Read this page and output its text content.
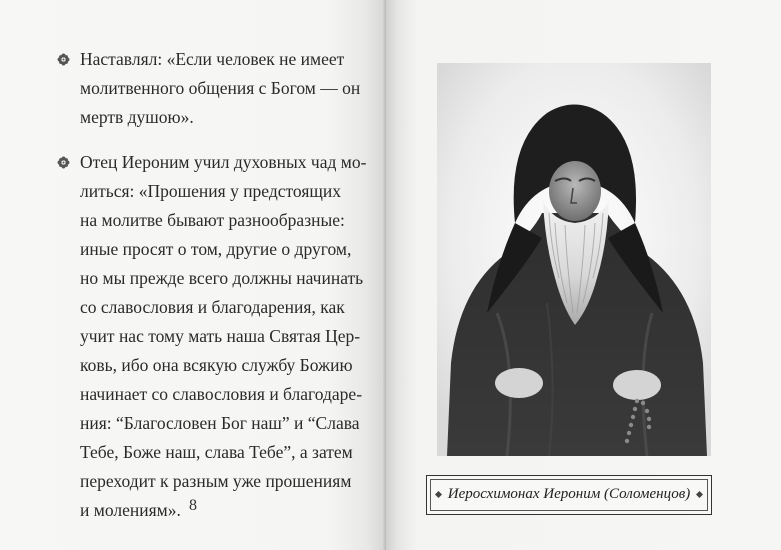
Наставлял: «Если человек не имеет
молитвенного общения с Богом — он
мертв душою».
Отец Иероним учил духовных чад мо-
литься: «Прошения у предстоящих
на молитве бывают разнообразные:
иные просят о том, другие о другом,
но мы прежде всего должны начинать
со славословия и благодарения, как
учит нас тому мать наша Святая Цер-
ковь, ибо она всякую службу Божию
начинает со славословия и благодаре-
ния: “Благословен Бог наш” и “Слава
Тебе, Боже наш, слава Тебе”, а затем
переходит к разным уже прошениям
и молениям». 8
Иеросхимонах Иероним (Соломенцов)
